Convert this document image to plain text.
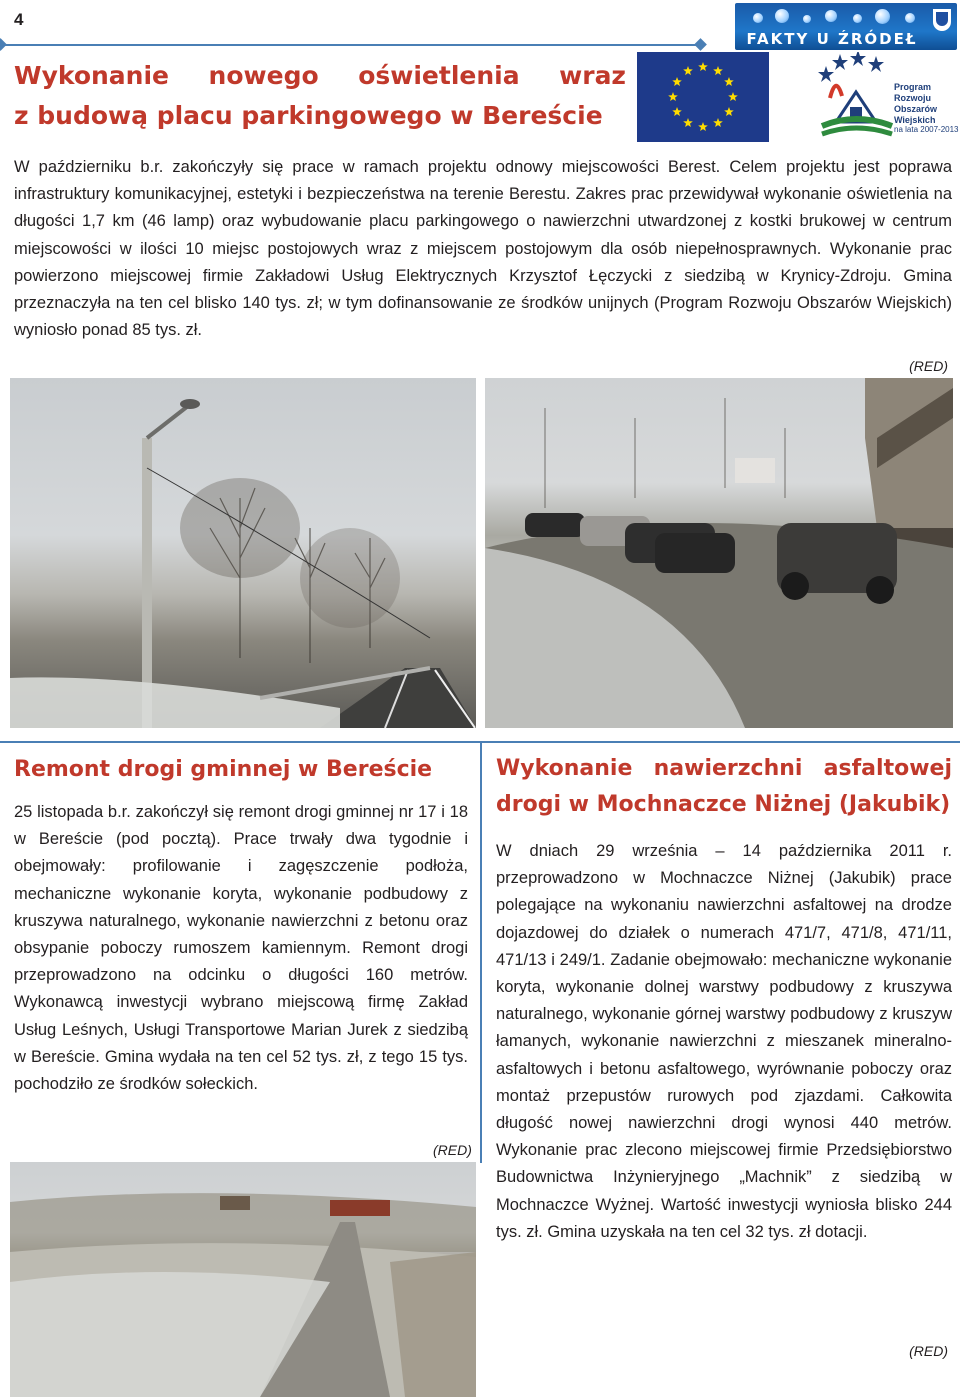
4
FAKTY U ŹRÓDEŁ
Program
Rozwoju
Obszarów
Wiejskich
na lata 2007-2013
Wykonanie nowego oświetlenia wraz
z budową placu parkingowego w Bereście

W październiku b.r. zakończyły się prace w ramach projektu odnowy miejscowości Berest. Celem projektu jest poprawa infrastruktury komunikacyjnej, estetyki i bezpieczeństwa na terenie Berestu. Zakres prac przewidywał wykonanie oświetlenia na długości 1,7 km (46 lamp) oraz wybudowanie placu parkingowego o nawierzchni utwardzonej z kostki brukowej w centrum miejscowości w ilości 10 miejsc postojowych wraz z miejscem postojowym dla osób niepełnosprawnych. Wykonanie prac powierzono miejscowej firmie Zakładowi Usług Elektrycznych Krzysztof Łęczycki z siedzibą w Krynicy-Zdroju. Gmina przeznaczyła na ten cel blisko 140 tys. zł; w tym dofinansowanie ze środków unijnych (Program Rozwoju Obszarów Wiejskich) wyniosło ponad 85 tys. zł.

(RED)
Remont drogi gminnej w Bereście

25 listopada b.r. zakończył się remont drogi gminnej nr 17 i 18 w Bereście (pod pocztą). Prace trwały dwa tygodnie i obejmowały: profilowanie i zagęszczenie podłoża, mechaniczne wykonanie koryta, wykonanie podbudowy z kruszywa naturalnego, wykonanie nawierzchni z betonu oraz obsypanie poboczy rumoszem kamiennym. Remont drogi przeprowadzono na odcinku o długości 160 metrów. Wykonawcą inwestycji wybrano miejscową firmę Zakład Usług Leśnych, Usługi Transportowe Marian Jurek z siedzibą w Bereście. Gmina wydała na ten cel 52 tys. zł, z tego 15 tys. pochodziło ze środków sołeckich.

(RED)
Wykonanie nawierzchni asfaltowej
drogi w Mochnaczce Niżnej (Jakubik)

W dniach 29 września – 14 października 2011 r. przeprowadzono w Mochnaczce Niżnej (Jakubik) prace polegające na wykonaniu nawierzchni asfaltowej na drodze dojazdowej do działek o numerach 471/7, 471/8, 471/11, 471/13 i 249/1. Zadanie obejmowało: mechaniczne wykonanie koryta, wykonanie dolnej warstwy podbudowy z kruszywa naturalnego, wykonanie górnej warstwy podbudowy z kruszyw łamanych, wykonanie nawierzchni z mieszanek mineralno-asfaltowych i betonu asfaltowego, wyrównanie poboczy oraz montaż przepustów rurowych pod zjazdami. Całkowita długość nowej nawierzchni drogi wynosi 440 metrów. Wykonanie prac zlecono miejscowej firmie Przedsiębiorstwo Budownictwa Inżynieryjnego „Machnik” z siedzibą w Mochnaczce Wyżnej. Wartość inwestycji wyniosła blisko 244 tys. zł. Gmina uzyskała na ten cel 32 tys. zł dotacji.

(RED)
